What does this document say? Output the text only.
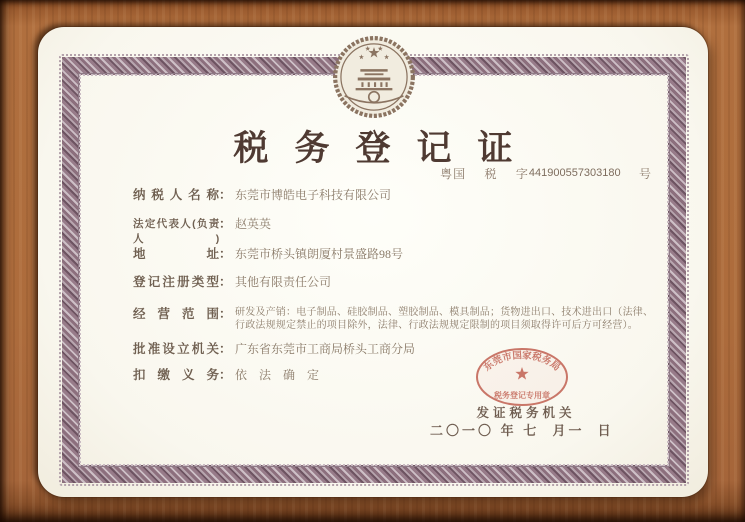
税务登记证
粤国 税 字441900557303180 号
纳税人名称 ： 东莞市博皓电子科技有限公司
法定代表人(负责人)
： 赵英英
地址 ： 东莞市桥头镇朗厦村景盛路98号
登记注册类型 ： 其他有限责任公司
经营范围 ： 研发及产销：电子制品、硅胶制品、塑胶制品、模具制品；货物进出口、技术进出口（法律、行政法规规定禁止的项目除外，法律、行政法规规定限制的项目须取得许可后方可经营）。
批准设立机关 ： 广东省东莞市工商局桥头工商分局
扣缴义务 ： 依法确定
东莞市国家税务局
税务登记专用章
发证税务机关
二〇一〇 年 七  月一  日
